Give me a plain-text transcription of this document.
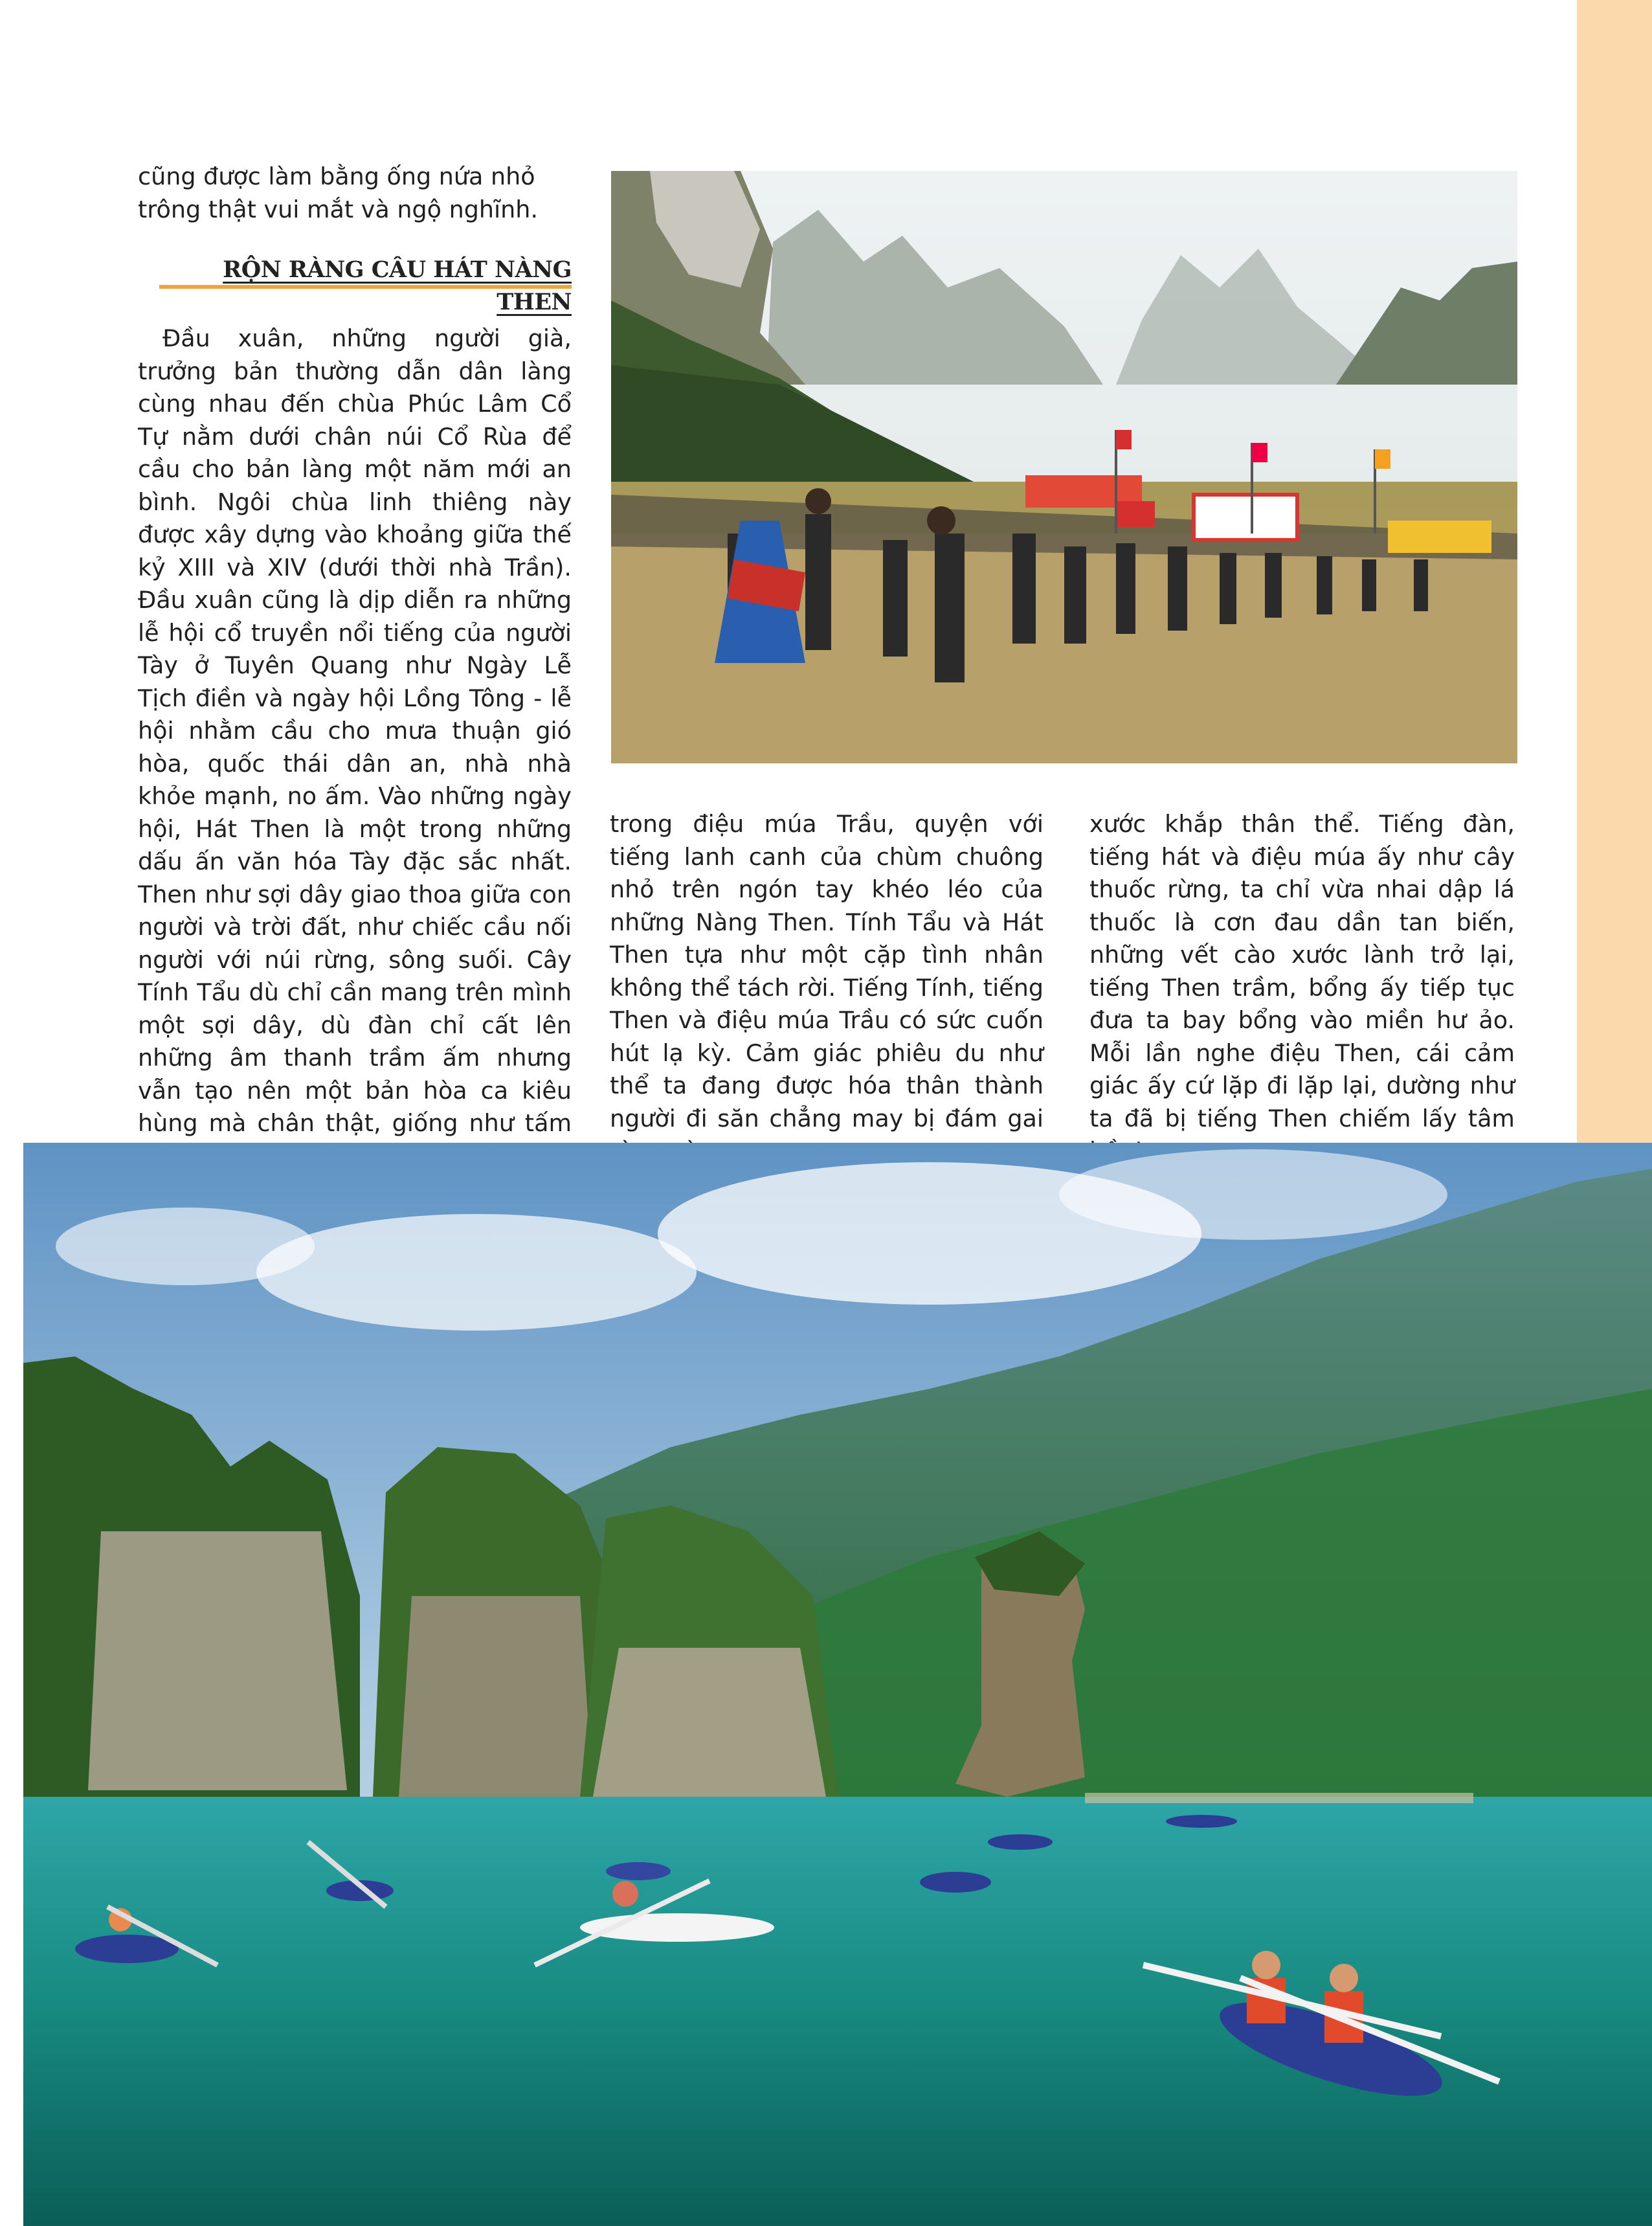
cũng được làm bằng ống nứa nhỏ trông thật vui mắt và ngộ nghĩnh.

RỘN RÀNG CÂU HÁT NÀNG THEN

Đầu xuân, những người già, trưởng bản thường dẫn dân làng cùng nhau đến chùa Phúc Lâm Cổ Tự nằm dưới chân núi Cổ Rùa để cầu cho bản làng một năm mới an bình. Ngôi chùa linh thiêng này được xây dựng vào khoảng giữa thế kỷ XIII và XIV (dưới thời nhà Trần). Đầu xuân cũng là dịp diễn ra những lễ hội cổ truyền nổi tiếng của người Tày ở Tuyên Quang như Ngày Lễ Tịch điền và ngày hội Lồng Tông - lễ hội nhằm cầu cho mưa thuận gió hòa, quốc thái dân an, nhà nhà khỏe mạnh, no ấm. Vào những ngày hội, Hát Then là một trong những dấu ấn văn hóa Tày đặc sắc nhất. Then như sợi dây giao thoa giữa con người và trời đất, như chiếc cầu nối người với núi rừng, sông suối. Cây Tính Tẩu dù chỉ cần mang trên mình một sợi dây, dù đàn chỉ cất lên những âm thanh trầm ấm nhưng vẫn tạo nên một bản hòa ca kiêu hùng mà chân thật, giống như tấm

trong điệu múa Trầu, quyện với tiếng lanh canh của chùm chuông nhỏ trên ngón tay khéo léo của những Nàng Then. Tính Tẩu và Hát Then tựa như một cặp tình nhân không thể tách rời. Tiếng Tính, tiếng Then và điệu múa Trầu có sức cuốn hút lạ kỳ. Cảm giác phiêu du như thể ta đang được hóa thân thành người đi săn chẳng may bị đám gai

xước khắp thân thể. Tiếng đàn, tiếng hát và điệu múa ấy như cây thuốc rừng, ta chỉ vừa nhai dập lá thuốc là cơn đau dần tan biến, những vết cào xước lành trở lại, tiếng Then trầm, bổng ấy tiếp tục đưa ta bay bổng vào miền hư ảo. Mỗi lần nghe điệu Then, cái cảm giác ấy cứ lặp đi lặp lại, dường như ta đã bị tiếng Then chiếm lấy tâm
